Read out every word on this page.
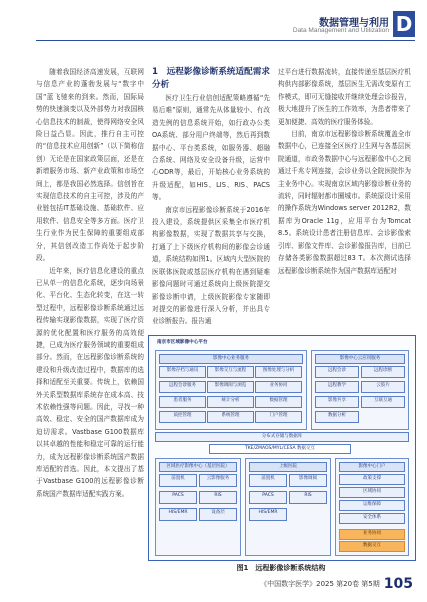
数据管理与利用
Data Management and Utilization D

随着我国经济高速发展，互联网与信息产业的蓬勃发展与“数字中国”蓝飞驰来的到来。然而，国际局势的快速演变以及外部势力对我国核心信息技术的制裁，使得网络安全风险日益凸显。因此，推行自主可控的“信息技术应用创新”（以下简称信创）无论是在国家政策层面，还是在新增服务市场、新产业政策和市场空间上，都是我国必然选择。信创旨在实现信息技术的自主可控，涉及的产业链包括IT基础设施、基础软件、应用软件、信息安全等多方面。医疗卫生行业作为民生保障的重要组成部分，其信创改造工作尚处于起步阶段。

近年来，医疗信息化建设的重点已从单一的信息化系统，逐步向场景化、平台化、生态化转变，在这一转型过程中，远程影像诊断系统通过远程传输实现影像数据，实现了医疗资源的优化配置和医疗服务的高效便捷，已成为医疗服务领域的重要组成部分。然而，在远程影像诊断系统的建设和升级改造过程中，数据库的选择和适配至关重要。传统上，依赖国外关系型数据库系统存在成本高、技术依赖性强等问题。因此，寻找一种高效、稳定、安全的国产数据库成为迫切需求。Vastbase G100数据库以其卓越的性能和稳定可靠的运行能力，成为远程影像诊断系统国产数据库适配的首选。因此，本文提出了基于Vastbase G100的远程影像诊断系统国产数据库适配实践方案。

1　远程影像诊断系统适配需求分析

医疗卫生行业信创适配策略遵循“先易后难”原则，通常先从体量较小、有改造先例的信息系统开始，如行政办公类OA系统、部分用户终端等，然后再到数据中心、平台类系统，如服务器、超融合系统、网络及安全设备升级，运营中心ODR等，最后，开始核心业务系统的升级适配，如HIS、LIS、RIS、PACS等。

南京市远程影像诊断系统于2016年投入建设，系统提供区采集全市医疗机构影像数据，实现了数据共享与交换，打通了上下级医疗机构间的影像会诊通道，系统结构如图1。区域内大型医院的医联体医院或基层医疗机构在遇到疑难影像问题时可通过系统向上级医院提交影像诊断申请，上级医院影像专家随即对提交的影像进行深入分析，并出具专业诊断报告。报告通

过平台进行数据流转，直接传递至基层医疗机构供内部影像系统，基层医生无需改变原有工作模式，即可无缝接收并继续处理会诊报告，极大地提升了医生的工作效率，为患者带来了更加便捷、高效的医疗服务体验。

目前，南京市远程影像诊断系统覆盖全市数据中心，已连接全区医疗卫生网与各基层医院通道，市政务数据中心与远程影像中心之间通过千兆专网连接，会诊业务以全院医院作为主业务中心。实现南京区域内影像诊断业务的流转，同时辐射都市圈城市。系统原设计采用的操作系统为Windows server 2012R2，数据库为Oracle 11g，应用平台为Tomcat 8.5。系统设计患者注册信息库、会诊影像索引库、影像文件库、会诊影像报告库，目前已存储各类影像数据超过83 T。本次测试选择远程影像诊断系统作为国产数据库适配对

南京市区域影像中心平台
影像中心业务服务
影像存档与通讯	影像交互与流程	图像处理与分析
远程会诊服务	影像调阅与浏览	业务协同
患者服务	统计分析	数据管理
质控管理	系统管理	门户管理
影像中心云应用服务
远程会诊	远程诊断
远程教学	云胶片
影像共享	互联互通
数据分析
分布式存储与数据库
TKE/ZMAOS/MYL/CESA 数据交互
区域医疗影像中心（基层医院）
前置机	云影像服务
PACS	RIS
HIS/EMR	设备层
上级医院
前置机	影像调阅
PACS	RIS
HIS/EMR
影像中心门户
政策支撑
区域协同
运维保障
安全体系
业务协同
数据交互
图1　远程影像诊断系统结构
《中国数字医学》2025 第20卷 第5期 105
